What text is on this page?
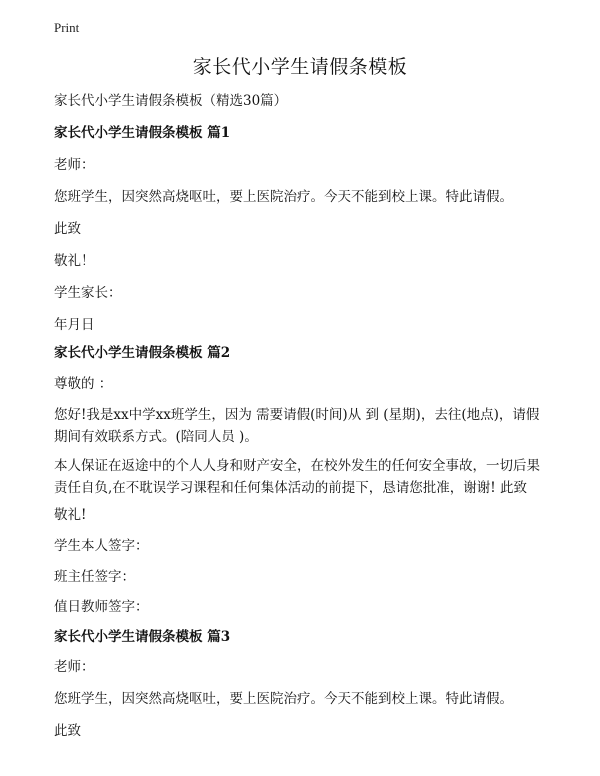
Print
家长代小学生请假条模板
家长代小学生请假条模板（精选30篇）
家长代小学生请假条模板 篇1
老师：
您班学生，因突然高烧呕吐，要上医院治疗。今天不能到校上课。特此请假。
此致
敬礼！
学生家长：
年月日
家长代小学生请假条模板 篇2
尊敬的 ：
您好!我是xx中学xx班学生，因为 需要请假(时间)从 到 (星期)，去往(地点)，请假期间有效联系方式。(陪同人员 )。
本人保证在返途中的个人人身和财产安全，在校外发生的任何安全事故，一切后果责任自负,在不耽误学习课程和任何集体活动的前提下，恳请您批准，谢谢! 此致
敬礼!
学生本人签字：
班主任签字：
值日教师签字：
家长代小学生请假条模板 篇3
老师：
您班学生，因突然高烧呕吐，要上医院治疗。今天不能到校上课。特此请假。
此致
